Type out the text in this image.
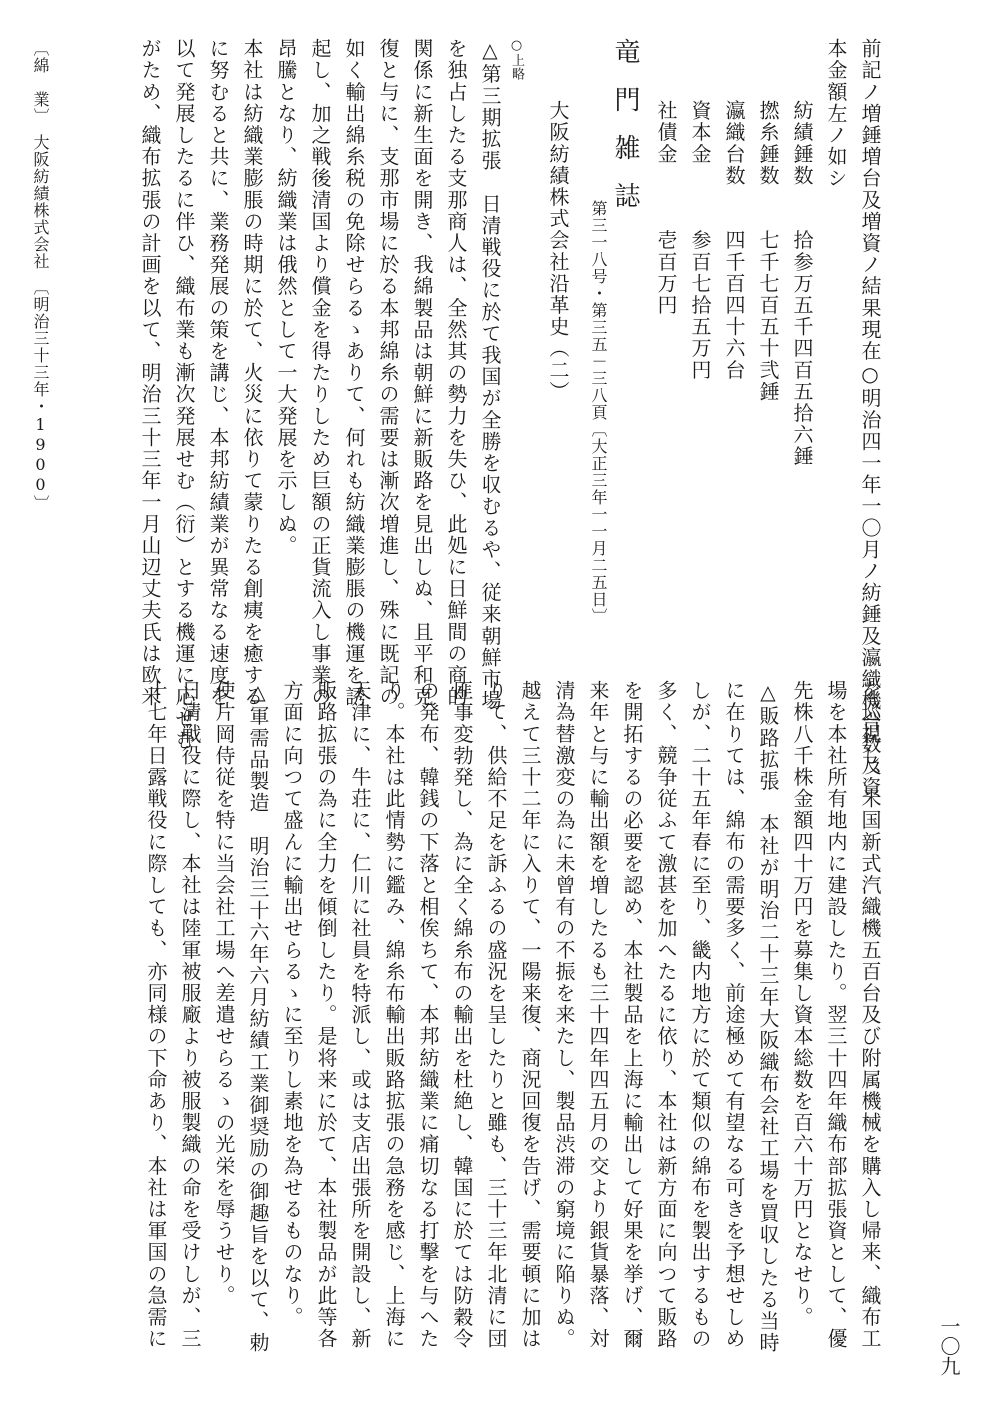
前記ノ増錘増台及増資ノ結果現在○明治四一年一〇月ノ紡錘及瀛織機台数及資
本金額左ノ如シ
紡績錘数　　拾参万五千四百五拾六錘
撚糸錘数　　七千七百五十弐錘
瀛織台数　　四千百四十六台
資本金　　　参百七拾五万円
社債金　　　壱百万円
竜門雑誌
第三一八号・第三五－三八頁〔大正三年一一月二五日〕
大阪紡績株式会社沿革史（二）
○上略
△第三期拡張　日清戦役に於て我国が全勝を収むるや、従来朝鮮市場
を独占したる支那商人は、全然其の勢力を失ひ、此処に日鮮間の商的
関係に新生面を開き、我綿製品は朝鮮に新販路を見出しぬ、且平和克
復と与に、支那市場に於る本邦綿糸の需要は漸次増進し、殊に既記の
如く輸出綿糸税の免除せらるゝありて、何れも紡織業膨脹の機運を誘
起し、加之戦後清国より償金を得たりしため巨額の正貨流入し事業の
昂騰となり、紡織業は俄然として一大発展を示しぬ。
本社は紡織業膨脹の時期に於て、火災に依りて蒙りたる創痍を癒する
に努むると共に、業務発展の策を講じ、本邦紡績業が異常なる速度を
以て発展したるに伴ひ、織布業も漸次発展せむ（衍）とする機運に応ぜむ
がため、織布拡張の計画を以て、明治三十三年一月山辺丈夫氏は欧米
〔綿　業〕　大阪紡績株式会社　〔明治三十三年・1900〕
を巡視し、米国新式汽織機五百台及び附属機械を購入し帰来、織布工
場を本社所有地内に建設したり。翌三十四年織布部拡張資として、優
先株八千株金額四十万円を募集し資本総数を百六十万円となせり。
△販路拡張　本社が明治二十三年大阪織布会社工場を買収したる当時
に在りては、綿布の需要多く、前途極めて有望なる可きを予想せしめ
しが、二十五年春に至り、畿内地方に於て類似の綿布を製出するもの
多く、競争従ふて激甚を加へたるに依り、本社は新方面に向つて販路
を開拓するの必要を認め、本社製品を上海に輸出して好果を挙げ、爾
来年と与に輸出額を増したるも三十四年四五月の交より銀貨暴落、対
清為替激変の為に未曾有の不振を来たし、製品渋滞の窮境に陥りぬ。
越えて三十二年に入りて、一陽来復、商況回復を告げ、需要頓に加は
りて、供給不足を訴ふるの盛況を呈したりと雖も、三十三年北清に団
匪事変勃発し、為に全く綿糸布の輸出を杜絶し、韓国に於ては防穀令
の発布、韓銭の下落と相俟ちて、本邦紡織業に痛切なる打撃を与へた
り。本社は此情勢に鑑み、綿糸布輸出販路拡張の急務を感じ、上海に
天津に、牛荘に、仁川に社員を特派し、或は支店出張所を開設し、新
販路拡張の為に全力を傾倒したり。是将来に於て、本社製品が此等各
方面に向つて盛んに輸出せらるゝに至りし素地を為せるものなり。
△軍需品製造　明治三十六年六月紡績工業御奨励の御趣旨を以て、勅
使片岡侍従を特に当会社工場へ差遣せらるゝの光栄を辱うせり。
日清戦役に際し、本社は陸軍被服廠より被服製織の命を受けしが、三
十七年日露戦役に際しても、亦同様の下命あり、本社は軍国の急需に	一〇九
